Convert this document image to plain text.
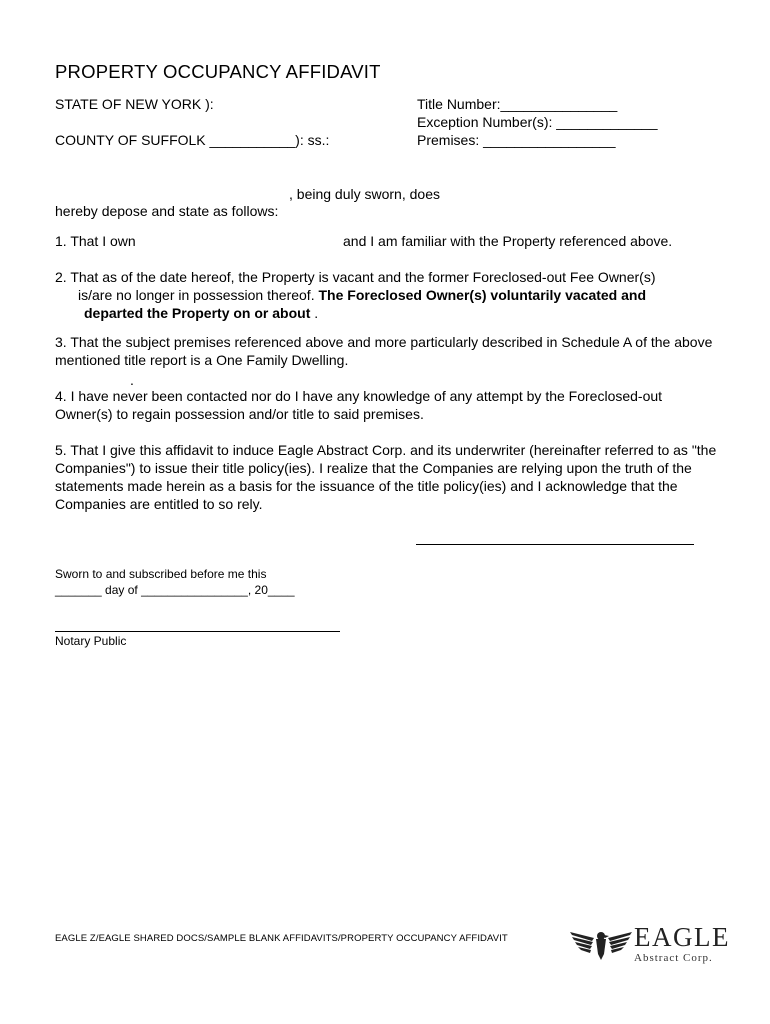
PROPERTY OCCUPANCY AFFIDAVIT
STATE OF NEW YORK ):
COUNTY OF SUFFOLK ___________): ss.:
Title Number:_______________
Exception Number(s): _____________
Premises: _________________
, being duly sworn, does
hereby depose and state as follows:
1. That I own	and I am familiar with the Property referenced above.
2. That as of the date hereof, the Property is vacant and the former Foreclosed-out Fee Owner(s)
is/are no longer in possession thereof. The Foreclosed Owner(s) voluntarily vacated and
departed the Property on or about .
3. That the subject premises referenced above and more particularly described in Schedule A of the above mentioned title report is a One Family Dwelling.
.
4. I have never been contacted nor do I have any knowledge of any attempt by the Foreclosed-out Owner(s) to regain possession and/or title to said premises.
5. That I give this affidavit to induce Eagle Abstract Corp. and its underwriter (hereinafter referred to as "the Companies") to issue their title policy(ies). I realize that the Companies are relying upon the truth of the statements made herein as a basis for the issuance of the title policy(ies) and I acknowledge that the Companies are entitled to so rely.
Sworn to and subscribed before me this
_______ day of ________________, 20____
Notary Public
EAGLE Z/EAGLE SHARED DOCS/SAMPLE BLANK AFFIDAVITS/PROPERTY OCCUPANCY AFFIDAVIT	EAGLE
Abstract Corp.
